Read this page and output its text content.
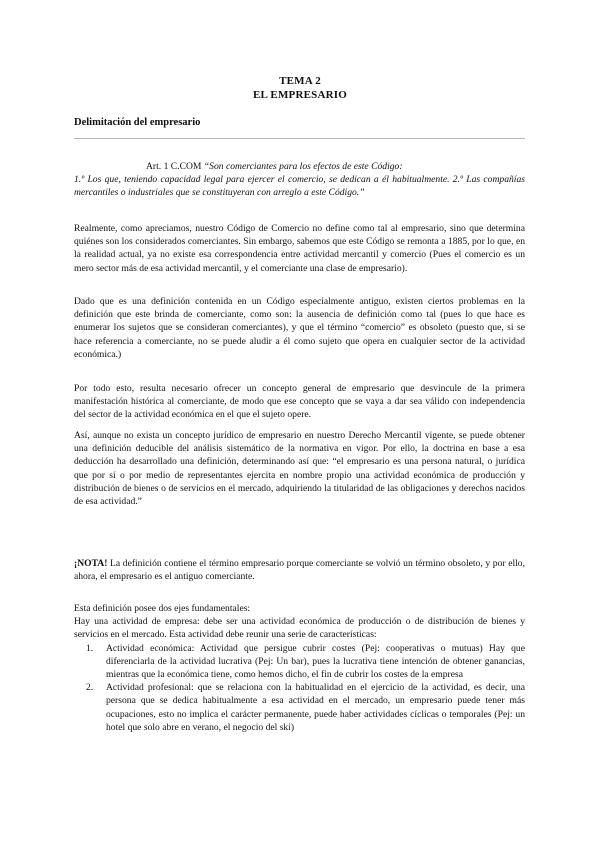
TEMA 2
EL EMPRESARIO
Delimitación del empresario
Art. 1 C.COM “Son comerciantes para los efectos de este Código:
1.º Los que, teniendo capacidad legal para ejercer el comercio, se dedican a él habitualmente. 2.º Las compañías mercantiles o industriales que se constituyeran con arreglo a este Código.”
Realmente, como apreciamos, nuestro Código de Comercio no define como tal al empresario, sino que determina quiénes son los considerados comerciantes. Sin embargo, sabemos que este Código se remonta a 1885, por lo que, en la realidad actual, ya no existe esa correspondencia entre actividad mercantil y comercio (Pues el comercio es un mero sector más de esa actividad mercantil, y el comerciante una clase de empresario).
Dado que es una definición contenida en un Código especialmente antiguo, existen ciertos problemas en la definición que este brinda de comerciante, como son: la ausencia de definición como tal (pues lo que hace es enumerar los sujetos que se consideran comerciantes), y que el término “comercio” es obsoleto (puesto que, si se hace referencia a comerciante, no se puede aludir a él como sujeto que opera en cualquier sector de la actividad económica.)
Por todo esto, resulta necesario ofrecer un concepto general de empresario que desvincule de la primera manifestación histórica al comerciante, de modo que ese concepto que se vaya a dar sea válido con independencia del sector de la actividad económica en el que el sujeto opere.
Así, aunque no exista un concepto jurídico de empresario en nuestro Derecho Mercantil vigente, se puede obtener una definición deducible del análisis sistemático de la normativa en vigor. Por ello, la doctrina en base a esa deducción ha desarrollado una definición, determinando así que: “el empresario es una persona natural, o jurídica que por sí o por medio de representantes ejercita en nombre propio una actividad económica de producción y distribución de bienes o de servicios en el mercado, adquiriendo la titularidad de las obligaciones y derechos nacidos de esa actividad.”
¡NOTA! La definición contiene el término empresario porque comerciante se volvió un término obsoleto, y por ello, ahora, el empresario es el antiguo comerciante.
Esta definición posee dos ejes fundamentales:
Hay una actividad de empresa: debe ser una actividad económica de producción o de distribución de bienes y servicios en el mercado. Esta actividad debe reunir una serie de características:
1. Actividad económica: Actividad que persigue cubrir costes (Pej: cooperativas o mutuas) Hay que diferenciarla de la actividad lucrativa (Pej: Un bar), pues la lucrativa tiene intención de obtener ganancias, mientras que la económica tiene, como hemos dicho, el fin de cubrir los costes de la empresa
2. Actividad profesional: que se relaciona con la habitualidad en el ejercicio de la actividad, es decir, una persona que se dedica habitualmente a esa actividad en el mercado, un empresario puede tener más ocupaciones, esto no implica el carácter permanente, puede haber actividades cíclicas o temporales (Pej: un hotel que solo abre en verano, el negocio del ski)
